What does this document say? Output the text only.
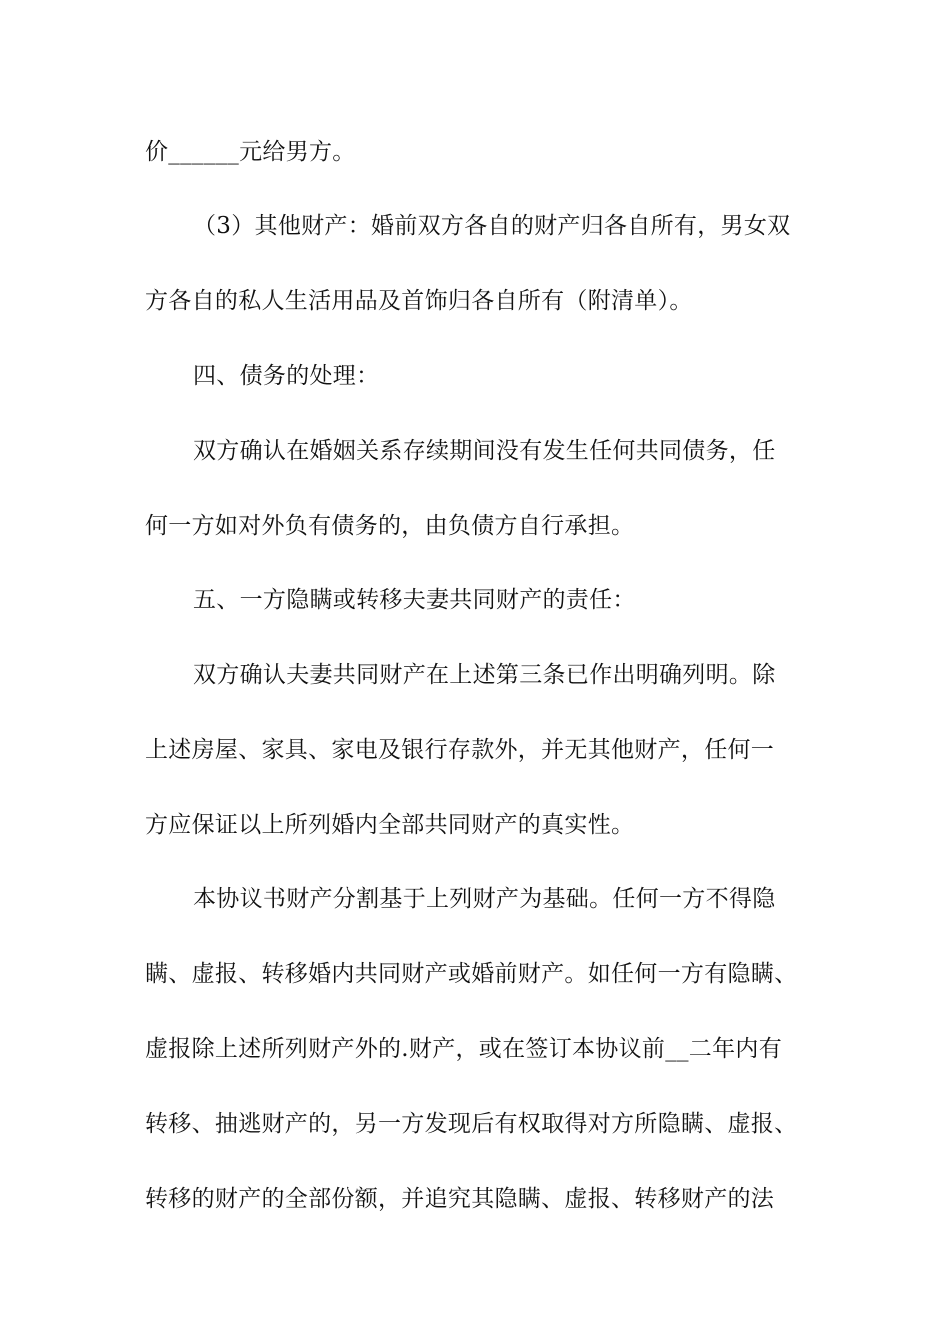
价______元给男方。
（3）其他财产：婚前双方各自的财产归各自所有，男女双
方各自的私人生活用品及首饰归各自所有（附清单）。
四、债务的处理：
双方确认在婚姻关系存续期间没有发生任何共同债务，任
何一方如对外负有债务的，由负债方自行承担。
五、一方隐瞒或转移夫妻共同财产的责任：
双方确认夫妻共同财产在上述第三条已作出明确列明。除
上述房屋、家具、家电及银行存款外，并无其他财产，任何一
方应保证以上所列婚内全部共同财产的真实性。
本协议书财产分割基于上列财产为基础。任何一方不得隐
瞒、虚报、转移婚内共同财产或婚前财产。如任何一方有隐瞒、
虚报除上述所列财产外的.财产，或在签订本协议前__二年内有
转移、抽逃财产的，另一方发现后有权取得对方所隐瞒、虚报、
转移的财产的全部份额，并追究其隐瞒、虚报、转移财产的法
